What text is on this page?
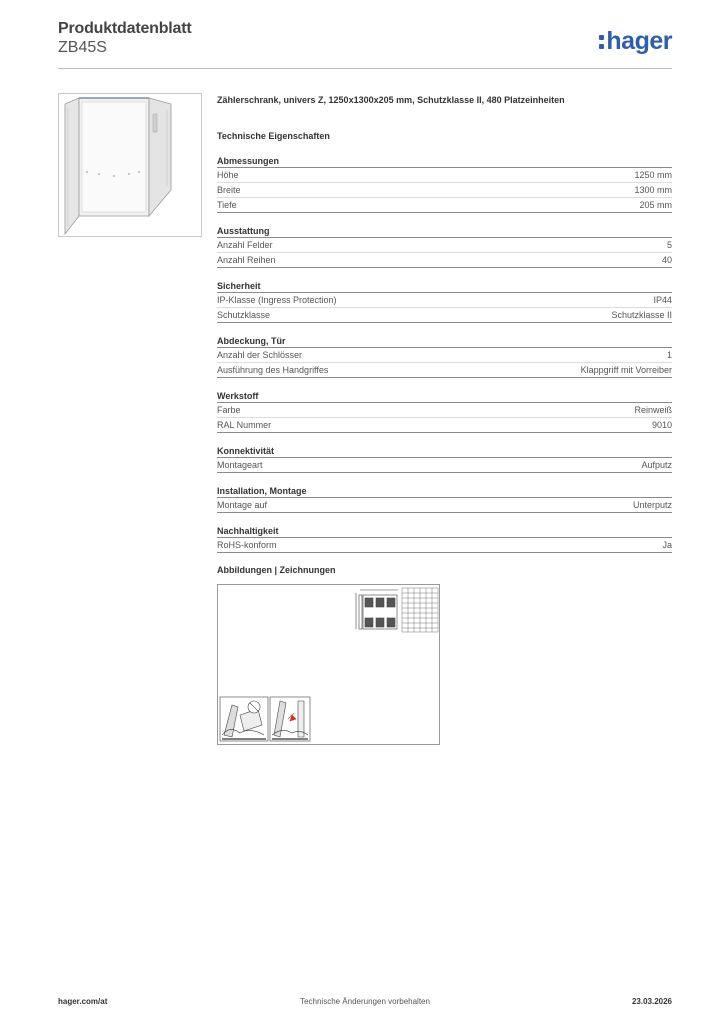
Produktdatenblatt
ZB45S	hager
Zählerschrank, univers Z, 1250x1300x205 mm, Schutzklasse II, 480 Platzeinheiten
Technische Eigenschaften
Abmessungen
Höhe	1250 mm
Breite	1300 mm
Tiefe	205 mm
Ausstattung
Anzahl Felder	5
Anzahl Reihen	40
Sicherheit
IP-Klasse (Ingress Protection)	IP44
Schutzklasse	Schutzklasse II
Abdeckung, Tür
Anzahl der Schlösser	1
Ausführung des Handgriffes	Klappgriff mit Vorreiber
Werkstoff
Farbe	Reinweiß
RAL Nummer	9010
Konnektivität
Montageart	Aufputz
Installation, Montage
Montage auf	Unterputz
Nachhaltigkeit
RoHS-konform	Ja
Abbildungen | Zeichnungen
hager.com/at	Technische Änderungen vorbehalten	23.03.2026
